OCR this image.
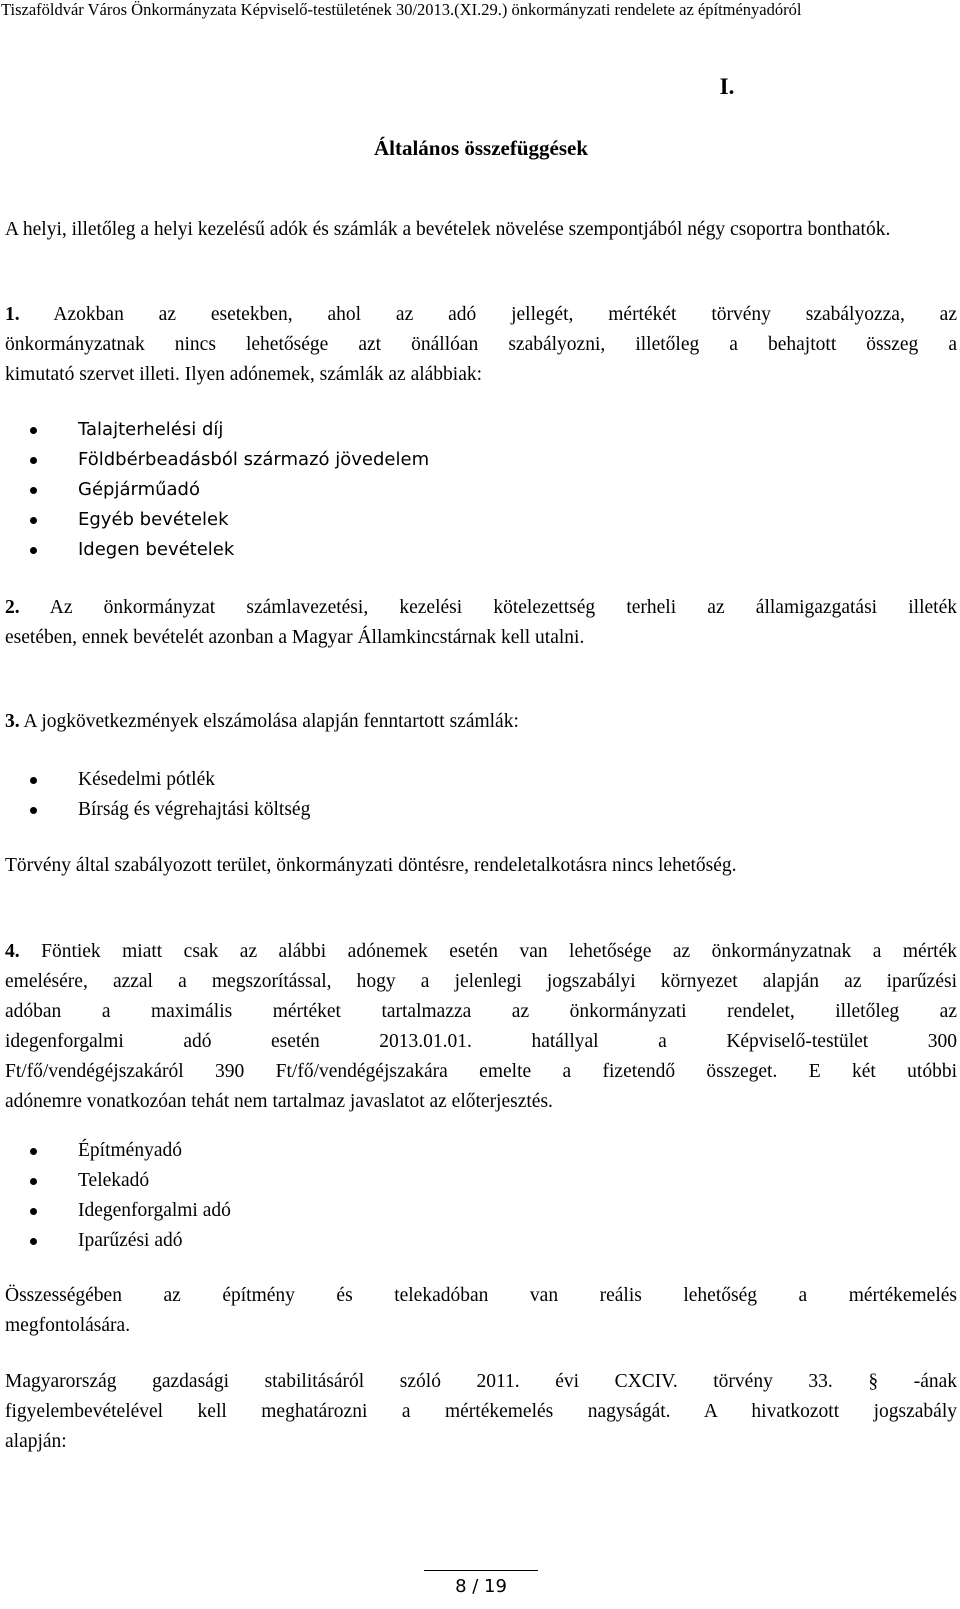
Tiszaföldvár Város Önkormányzata Képviselő-testületének 30/2013.(XI.29.) önkormányzati rendelete az építményadóról
I.
Általános összefüggések

A helyi, illetőleg a helyi kezelésű adók és számlák a bevételek növelése szempontjából négy csoportra bonthatók.

1. Azokban az esetekben, ahol az adó jellegét, mértékét törvény szabályozza, az

önkormányzatnak nincs lehetősége azt önállóan szabályozni, illetőleg a behajtott összeg a

kimutató szervet illeti. Ilyen adónemek, számlák az alábbiak:

Talajterhelési díj
Földbérbeadásból származó jövedelem
Gépjárműadó
Egyéb bevételek
Idegen bevételek

2. Az önkormányzat számlavezetési, kezelési kötelezettség terheli az államigazgatási illeték

esetében, ennek bevételét azonban a Magyar Államkincstárnak kell utalni.

3. A jogkövetkezmények elszámolása alapján fenntartott számlák:

Késedelmi pótlék
Bírság és végrehajtási költség

Törvény által szabályozott terület, önkormányzati döntésre, rendeletalkotásra nincs lehetőség.

4. Föntiek miatt csak az alábbi adónemek esetén van lehetősége az önkormányzatnak a mérték

emelésére, azzal a megszorítással, hogy a jelenlegi jogszabályi környezet alapján az iparűzési

adóban a maximális mértéket tartalmazza az önkormányzati rendelet, illetőleg az

idegenforgalmi adó esetén 2013.01.01. hatállyal a Képviselő-testület 300

Ft/fő/vendégéjszakáról 390 Ft/fő/vendégéjszakára emelte a fizetendő összeget. E két utóbbi

adónemre vonatkozóan tehát nem tartalmaz javaslatot az előterjesztés.

Építményadó
Telekadó
Idegenforgalmi adó
Iparűzési adó

Összességében az építmény és telekadóban van reális lehetőség a mértékemelés

megfontolására.

Magyarország gazdasági stabilitásáról szóló 2011. évi CXCIV. törvény 33. § -ának

figyelembevételével kell meghatározni a mértékemelés nagyságát. A hivatkozott jogszabály

alapján:

8 / 19
